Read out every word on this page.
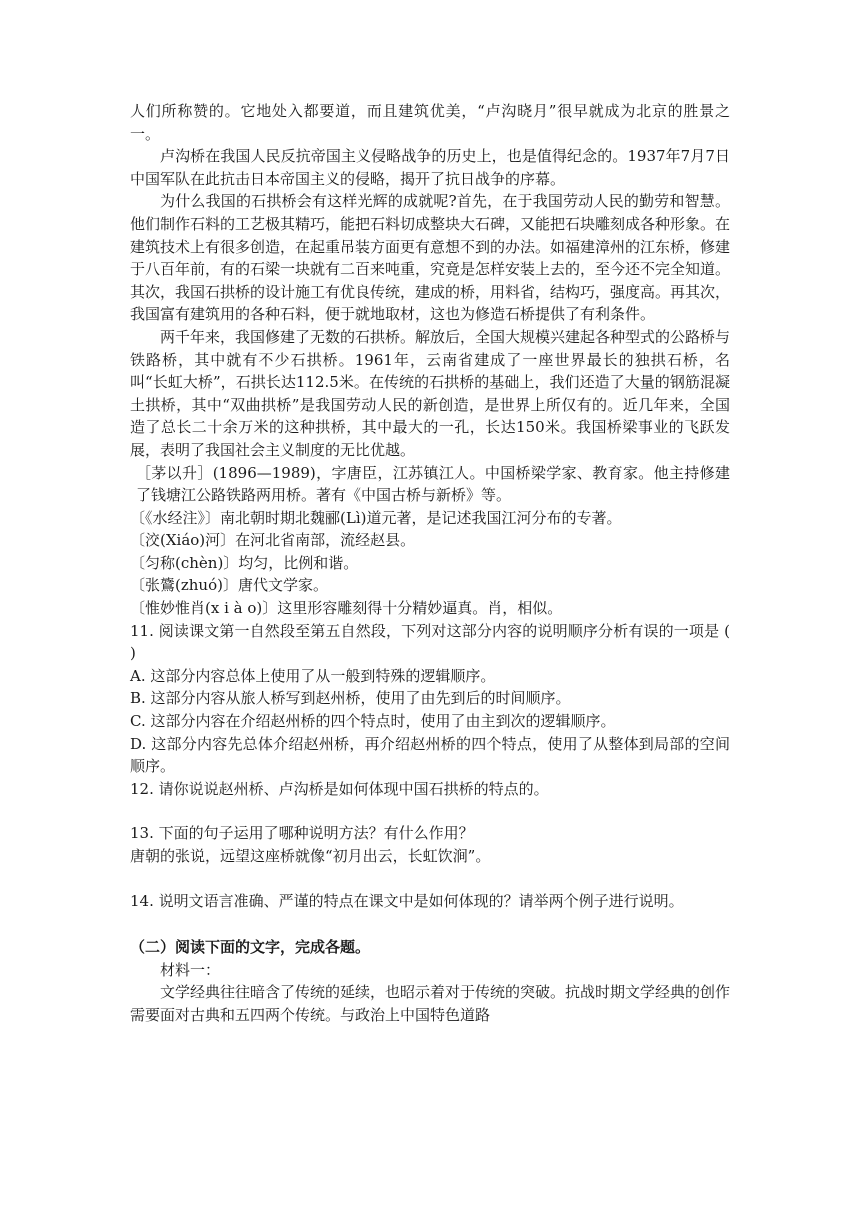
人们所称赞的。它地处入都要道，而且建筑优美，“卢沟晓月”很早就成为北京的胜景之一。

卢沟桥在我国人民反抗帝国主义侵略战争的历史上，也是值得纪念的。1937年7月7日中国军队在此抗击日本帝国主义的侵略，揭开了抗日战争的序幕。

为什么我国的石拱桥会有这样光辉的成就呢?首先，在于我国劳动人民的勤劳和智慧。他们制作石料的工艺极其精巧，能把石料切成整块大石碑，又能把石块雕刻成各种形象。在建筑技术上有很多创造，在起重吊装方面更有意想不到的办法。如福建漳州的江东桥，修建于八百年前，有的石梁一块就有二百来吨重，究竟是怎样安装上去的，至今还不完全知道。其次，我国石拱桥的设计施工有优良传统，建成的桥，用料省，结构巧，强度高。再其次，我国富有建筑用的各种石料，便于就地取材，这也为修造石桥提供了有利条件。

两千年来，我国修建了无数的石拱桥。解放后，全国大规模兴建起各种型式的公路桥与铁路桥，其中就有不少石拱桥。1961年，云南省建成了一座世界最长的独拱石桥，名叫“长虹大桥”，石拱长达112.5米。在传统的石拱桥的基础上，我们还造了大量的钢筋混凝土拱桥，其中“双曲拱桥”是我国劳动人民的新创造，是世界上所仅有的。近几年来，全国造了总长二十余万米的这种拱桥，其中最大的一孔，长达150米。我国桥梁事业的飞跃发展，表明了我国社会主义制度的无比优越。

［茅以升］(1896—1989)，字唐臣，江苏镇江人。中国桥梁学家、教育家。他主持修建了钱塘江公路铁路两用桥。著有《中国古桥与新桥》等。

〔《水经注》〕南北朝时期北魏郦(Lì)道元著，是记述我国江河分布的专著。

〔洨(Xiáo)河〕在河北省南部，流经赵县。

〔匀称(chèn)〕均匀，比例和谐。

〔张鷟(zhuó)〕唐代文学家。

〔惟妙惟肖(x i à o)〕这里形容雕刻得十分精妙逼真。肖，相似。

11. 阅读课文第一自然段至第五自然段，下列对这部分内容的说明顺序分析有误的一项是 ( )

A. 这部分内容总体上使用了从一般到特殊的逻辑顺序。

B. 这部分内容从旅人桥写到赵州桥，使用了由先到后的时间顺序。

C. 这部分内容在介绍赵州桥的四个特点时，使用了由主到次的逻辑顺序。

D. 这部分内容先总体介绍赵州桥，再介绍赵州桥的四个特点，使用了从整体到局部的空间顺序。

12. 请你说说赵州桥、卢沟桥是如何体现中国石拱桥的特点的。

13. 下面的句子运用了哪种说明方法？有什么作用？

唐朝的张说，远望这座桥就像“初月出云，长虹饮涧”。

14. 说明文语言准确、严谨的特点在课文中是如何体现的？请举两个例子进行说明。

（二）阅读下面的文字，完成各题。

材料一：

文学经典往往暗含了传统的延续，也昭示着对于传统的突破。抗战时期文学经典的创作需要面对古典和五四两个传统。与政治上中国特色道路
